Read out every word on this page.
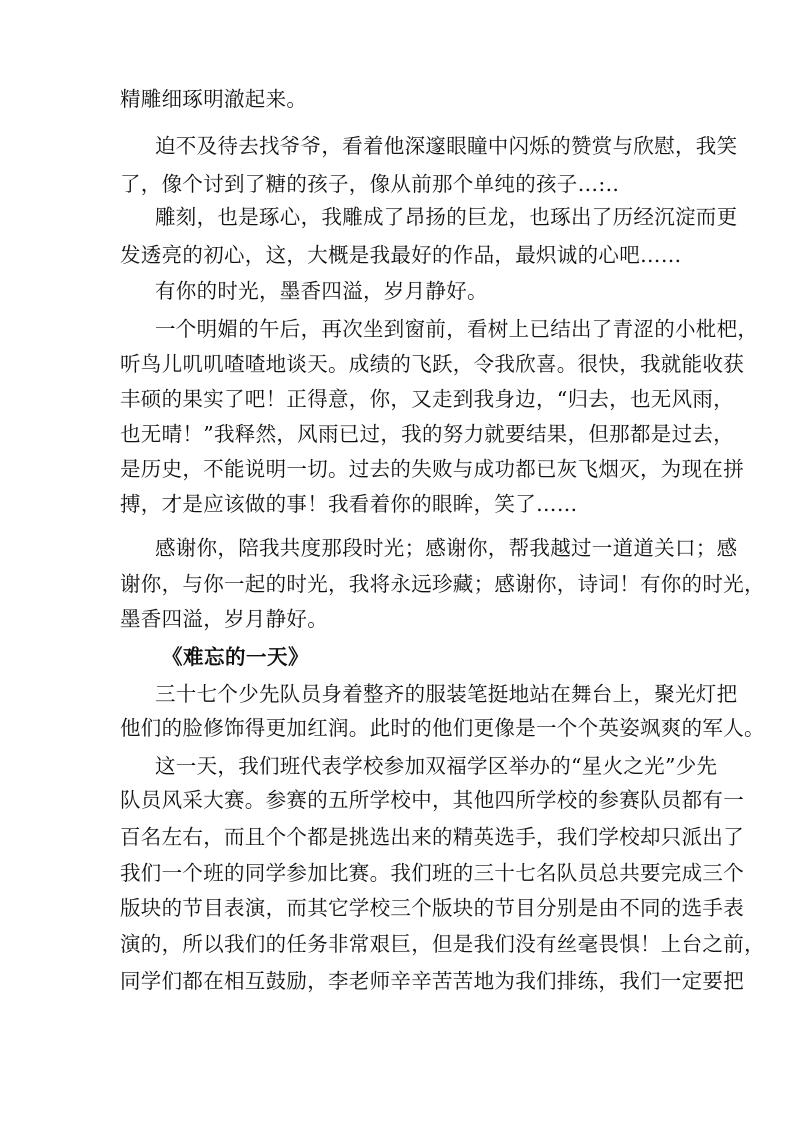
精雕细琢明澈起来。
迫不及待去找爷爷，看着他深邃眼瞳中闪烁的赞赏与欣慰，我笑
了，像个讨到了糖的孩子，像从前那个单纯的孩子…:..
雕刻，也是琢心，我雕成了昂扬的巨龙，也琢出了历经沉淀而更
发透亮的初心，这，大概是我最好的作品，最炽诚的心吧……
有你的时光，墨香四溢，岁月静好。
一个明媚的午后，再次坐到窗前，看树上已结出了青涩的小枇杷，
听鸟儿叽叽喳喳地谈天。成绩的飞跃，令我欣喜。很快，我就能收获
丰硕的果实了吧！正得意，你，又走到我身边，“归去，也无风雨，
也无晴！”我释然，风雨已过，我的努力就要结果，但那都是过去，
是历史，不能说明一切。过去的失败与成功都已灰飞烟灭，为现在拼
搏，才是应该做的事！我看着你的眼眸，笑了……
感谢你，陪我共度那段时光；感谢你，帮我越过一道道关口；感
谢你，与你一起的时光，我将永远珍藏；感谢你，诗词！有你的时光，
墨香四溢，岁月静好。
《难忘的一天》
三十七个少先队员身着整齐的服装笔挺地站在舞台上，聚光灯把
他们的脸修饰得更加红润。此时的他们更像是一个个英姿飒爽的军人。
这一天，我们班代表学校参加双福学区举办的“星火之光”少先
队员风采大赛。参赛的五所学校中，其他四所学校的参赛队员都有一
百名左右，而且个个都是挑选出来的精英选手，我们学校却只派出了
我们一个班的同学参加比赛。我们班的三十七名队员总共要完成三个
版块的节目表演，而其它学校三个版块的节目分别是由不同的选手表
演的，所以我们的任务非常艰巨，但是我们没有丝毫畏惧！上台之前，
同学们都在相互鼓励，李老师辛辛苦苦地为我们排练，我们一定要把
